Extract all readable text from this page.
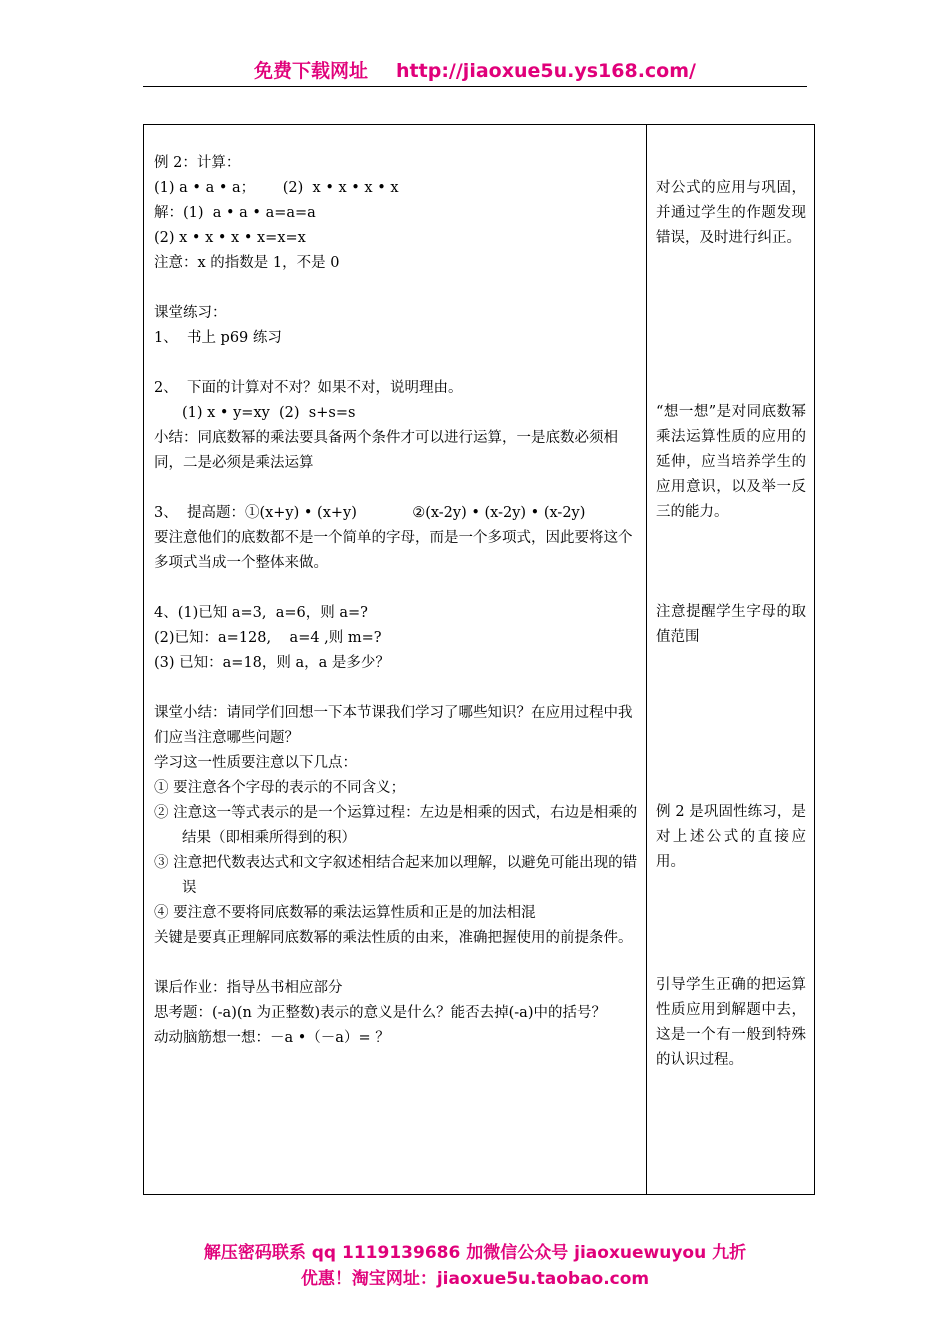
免费下载网址 http://jiaoxue5u.ys168.com/
例 2：计算：
(1) a • a • a；      (2)  x • x • x • x
解：(1)  a • a • a=a=a
(2) x • x • x • x=x=x
注意：x 的指数是 1，不是 0
课堂练习：
1、  书上 p69 练习
2、  下面的计算对不对？如果不对，说明理由。
(1) x • y=xy  (2)  s+s=s
小结：同底数幂的乘法要具备两个条件才可以进行运算，一是底数必须相同，二是必须是乘法运算
3、  提高题：①(x+y) • (x+y)            ②(x-2y) • (x-2y) • (x-2y)
要注意他们的底数都不是一个简单的字母，而是一个多项式，因此要将这个多项式当成一个整体来做。
4、(1)已知 a=3,  a=6，则 a=?
(2)已知：a=128,    a=4 ,则 m=?
(3) 已知：a=18，则 a，a 是多少？
课堂小结：请同学们回想一下本节课我们学习了哪些知识？在应用过程中我们应当注意哪些问题？
学习这一性质要注意以下几点：
① 要注意各个字母的表示的不同含义；
② 注意这一等式表示的是一个运算过程：左边是相乘的因式，右边是相乘的结果（即相乘所得到的积）
③ 注意把代数表达式和文字叙述相结合起来加以理解，以避免可能出现的错误
④ 要注意不要将同底数幂的乘法运算性质和正是的加法相混
关键是要真正理解同底数幂的乘法性质的由来，准确把握使用的前提条件。
课后作业：指导丛书相应部分
思考题：(-a)(n 为正整数)表示的意义是什么？能否去掉(-a)中的括号？
动动脑筋想一想：－a •（－a）= ？
对公式的应用与巩固，并通过学生的作题发现错误，及时进行纠正。
“想一想”是对同底数幂乘法运算性质的应用的延伸，应当培养学生的应用意识，以及举一反三的能力。
注意提醒学生字母的取值范围
例 2 是巩固性练习，是对上述公式的直接应用。
引导学生正确的把运算性质应用到解题中去，这是一个有一般到特殊的认识过程。
解压密码联系 qq 1119139686 加微信公众号 jiaoxuewuyou 九折
优惠！淘宝网址：jiaoxue5u.taobao.com
